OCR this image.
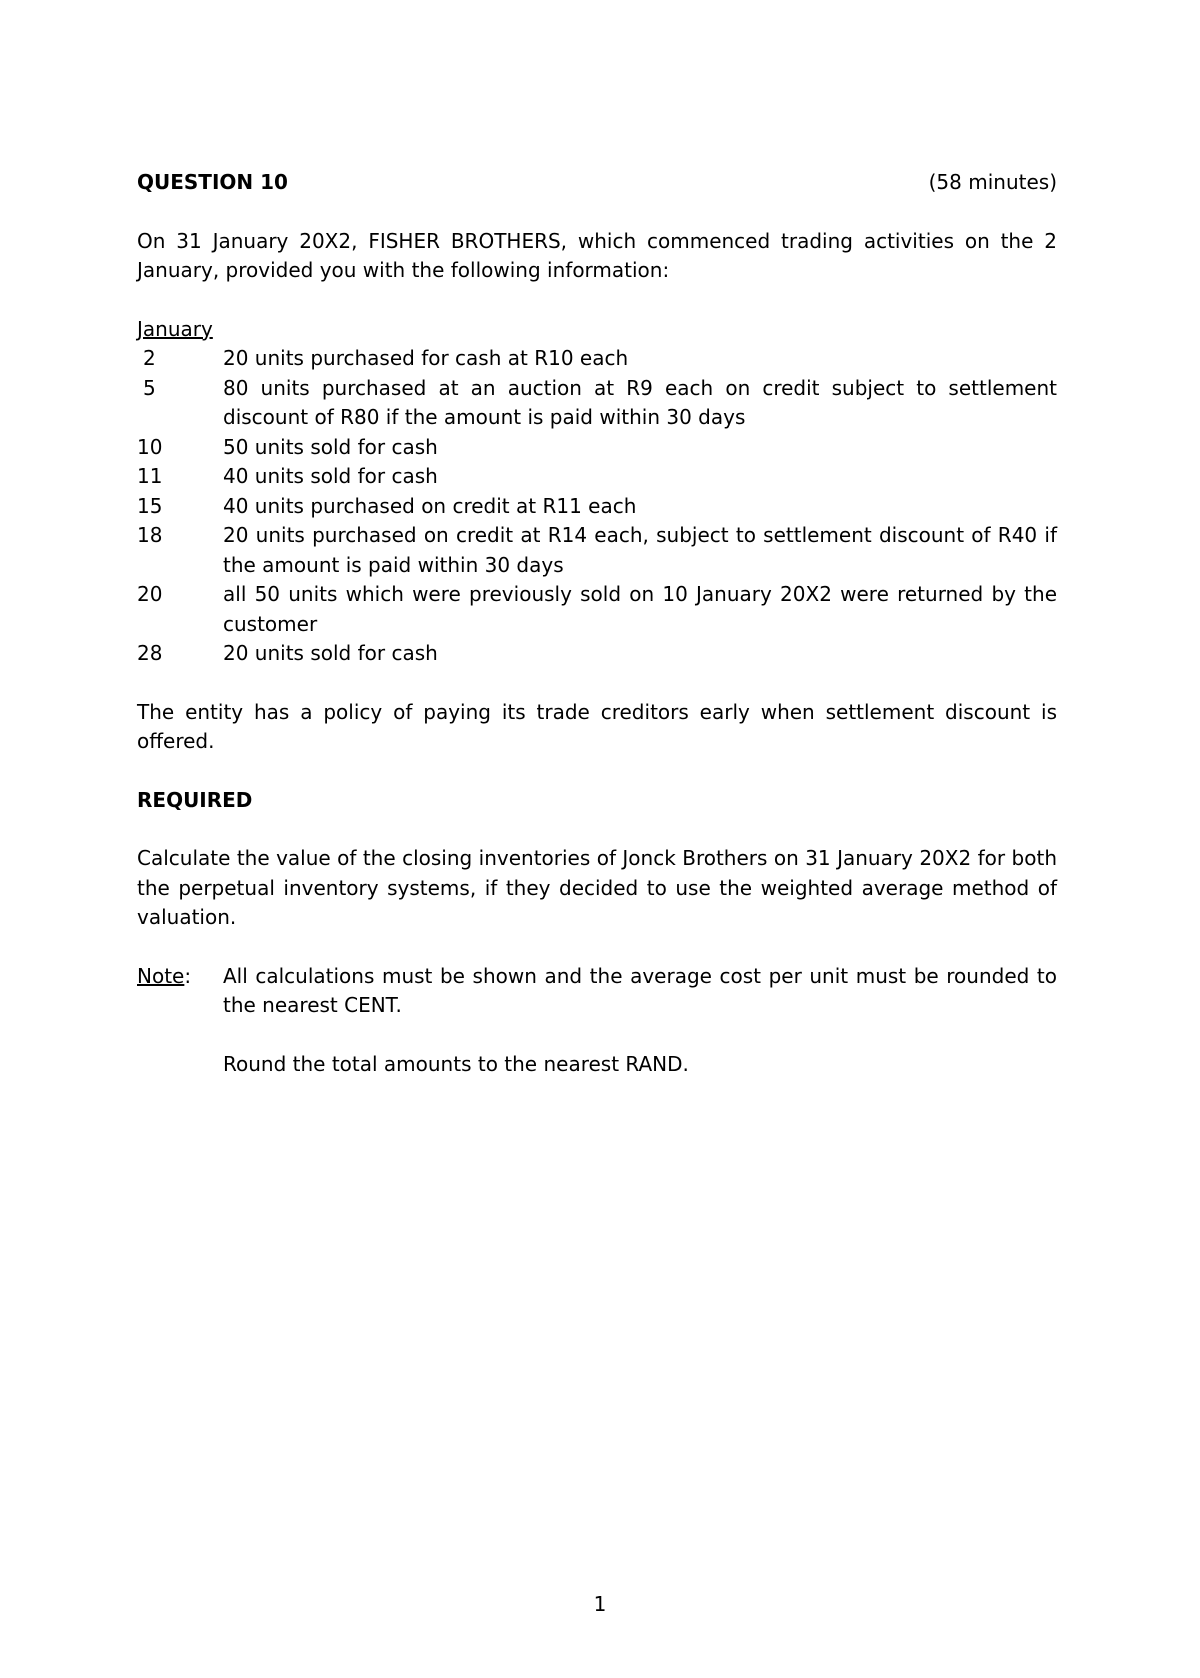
QUESTION 10	(58 minutes)

On 31 January 20X2, FISHER BROTHERS, which commenced trading activities on the 2 January, provided you with the following information:

January

2	20 units purchased for cash at R10 each
5	80 units purchased at an auction at R9 each on credit subject to settlement discount of R80 if the amount is paid within 30 days
10	50 units sold for cash
11	40 units sold for cash
15	40 units purchased on credit at R11 each
18	20 units purchased on credit at R14 each, subject to settlement discount of R40 if the amount is paid within 30 days
20	all 50 units which were previously sold on 10 January 20X2 were returned by the customer
28	20 units sold for cash

The entity has a policy of paying its trade creditors early when settlement discount is offered.

REQUIRED

Calculate the value of the closing inventories of Jonck Brothers on 31 January 20X2 for both the perpetual inventory systems, if they decided to use the weighted average method of valuation.

Note:	All calculations must be shown and the average cost per unit must be rounded to the nearest CENT.

Round the total amounts to the nearest RAND.

1
